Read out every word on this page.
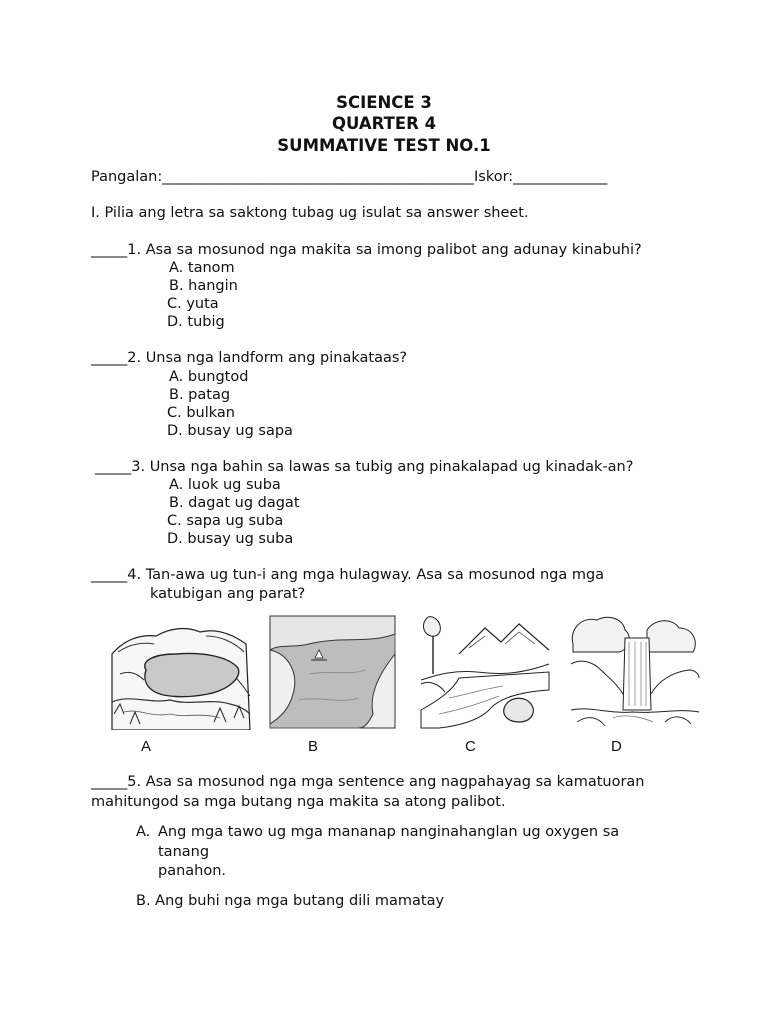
SCIENCE 3
QUARTER 4
SUMMATIVE TEST NO.1
Pangalan:___________________________________________Iskor:_____________
I. Pilia ang letra sa saktong tubag ug isulat sa answer sheet.
_____1. Asa sa mosunod nga makita sa imong palibot ang adunay kinabuhi?
A. tanom
B. hangin
C. yuta
D. tubig
_____2. Unsa nga landform ang pinakataas?
A. bungtod
B. patag
C. bulkan
D. busay ug sapa
_____3. Unsa nga bahin sa lawas sa tubig ang pinakalapad ug kinadak-an?
A. luok ug suba
B. dagat ug dagat
C. sapa ug suba
D. busay ug suba
_____4. Tan-awa ug tun-i ang mga hulagway. Asa sa mosunod nga mga
katubigan ang parat?
A	B	C	D
_____5. Asa sa mosunod nga mga sentence ang nagpahayag sa kamatuoran
mahitungod sa mga butang nga makita sa atong palibot.
A. Ang mga tawo ug mga mananap nanginahanglan ug oxygen sa
tanang
panahon.
B. Ang buhi nga mga butang dili mamatay
